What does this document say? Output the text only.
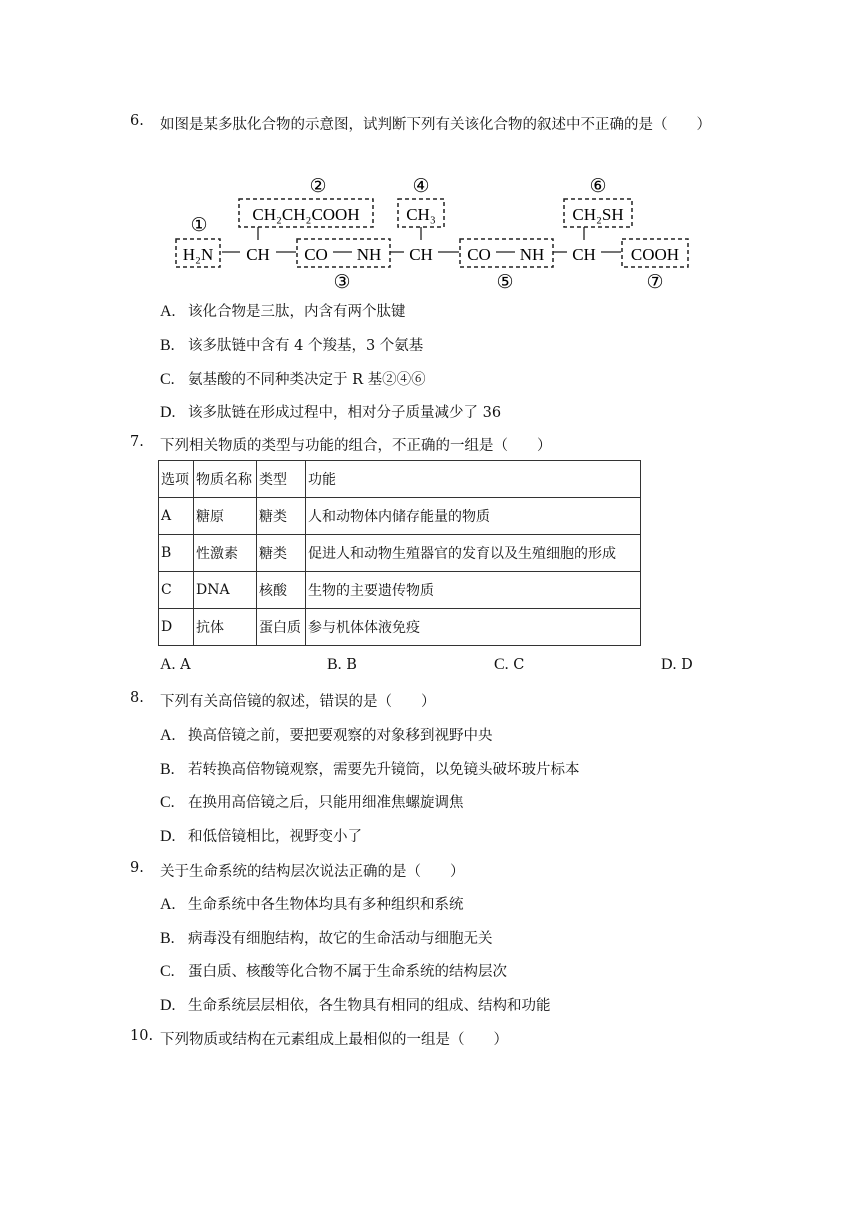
6. 如图是某多肽化合物的示意图，试判断下列有关该化合物的叙述中不正确的是（　　）
②	④	⑥
①
CH₂CH₂COOH	CH₃	CH₂SH
H₂N CH CO NH CH CO NH CH COOH
③	⑤	⑦
A. 该化合物是三肽，内含有两个肽键
B. 该多肽链中含有 4 个羧基，3 个氨基
C. 氨基酸的不同种类决定于 R 基②④⑥
D. 该多肽链在形成过程中，相对分子质量减少了 36
7. 下列相关物质的类型与功能的组合，不正确的一组是（　　）
选项	物质名称	类型	功能
A	糖原	糖类	人和动物体内储存能量的物质
B	性激素	糖类	促进人和动物生殖器官的发育以及生殖细胞的形成
C	DNA	核酸	生物的主要遗传物质
D	抗体	蛋白质	参与机体体液免疫
A. A	B. B	C. C	D. D
8. 下列有关高倍镜的叙述，错误的是（　　）
A. 换高倍镜之前，要把要观察的对象移到视野中央
B. 若转换高倍物镜观察，需要先升镜筒，以免镜头破坏玻片标本
C. 在换用高倍镜之后，只能用细准焦螺旋调焦
D. 和低倍镜相比，视野变小了
9. 关于生命系统的结构层次说法正确的是（　　）
A. 生命系统中各生物体均具有多种组织和系统
B. 病毒没有细胞结构，故它的生命活动与细胞无关
C. 蛋白质、核酸等化合物不属于生命系统的结构层次
D. 生命系统层层相依，各生物具有相同的组成、结构和功能
10. 下列物质或结构在元素组成上最相似的一组是（　　）
